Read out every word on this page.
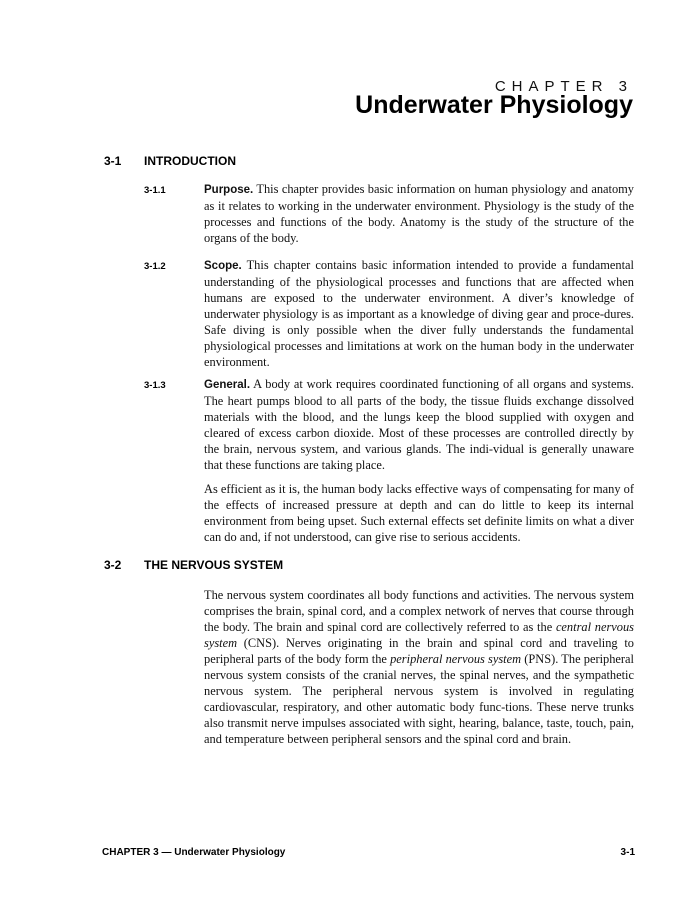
CHAPTER 3
Underwater Physiology
3-1 INTRODUCTION
3-1.1	Purpose. This chapter provides basic information on human physiology and anatomy as it relates to working in the underwater environment. Physiology is the study of the processes and functions of the body. Anatomy is the study of the structure of the organs of the body.

3-1.2	Scope. This chapter contains basic information intended to provide a fundamental understanding of the physiological processes and functions that are affected when humans are exposed to the underwater environment. A diver’s knowledge of underwater physiology is as important as a knowledge of diving gear and proce-dures. Safe diving is only possible when the diver fully understands the fundamental physiological processes and limitations at work on the human body in the underwater environment.

3-1.3	General. A body at work requires coordinated functioning of all organs and systems. The heart pumps blood to all parts of the body, the tissue fluids exchange dissolved materials with the blood, and the lungs keep the blood supplied with oxygen and cleared of excess carbon dioxide. Most of these processes are controlled directly by the brain, nervous system, and various glands. The indi-vidual is generally unaware that these functions are taking place.

As efficient as it is, the human body lacks effective ways of compensating for many of the effects of increased pressure at depth and can do little to keep its internal environment from being upset. Such external effects set definite limits on what a diver can do and, if not understood, can give rise to serious accidents.

3-2 THE NERVOUS SYSTEM

The nervous system coordinates all body functions and activities. The nervous system comprises the brain, spinal cord, and a complex network of nerves that course through the body. The brain and spinal cord are collectively referred to as the central nervous system (CNS). Nerves originating in the brain and spinal cord and traveling to peripheral parts of the body form the peripheral nervous system (PNS). The peripheral nervous system consists of the cranial nerves, the spinal nerves, and the sympathetic nervous system. The peripheral nervous system is involved in regulating cardiovascular, respiratory, and other automatic body func-tions. These nerve trunks also transmit nerve impulses associated with sight, hearing, balance, taste, touch, pain, and temperature between peripheral sensors and the spinal cord and brain.

CHAPTER 3 — Underwater Physiology	3-1
